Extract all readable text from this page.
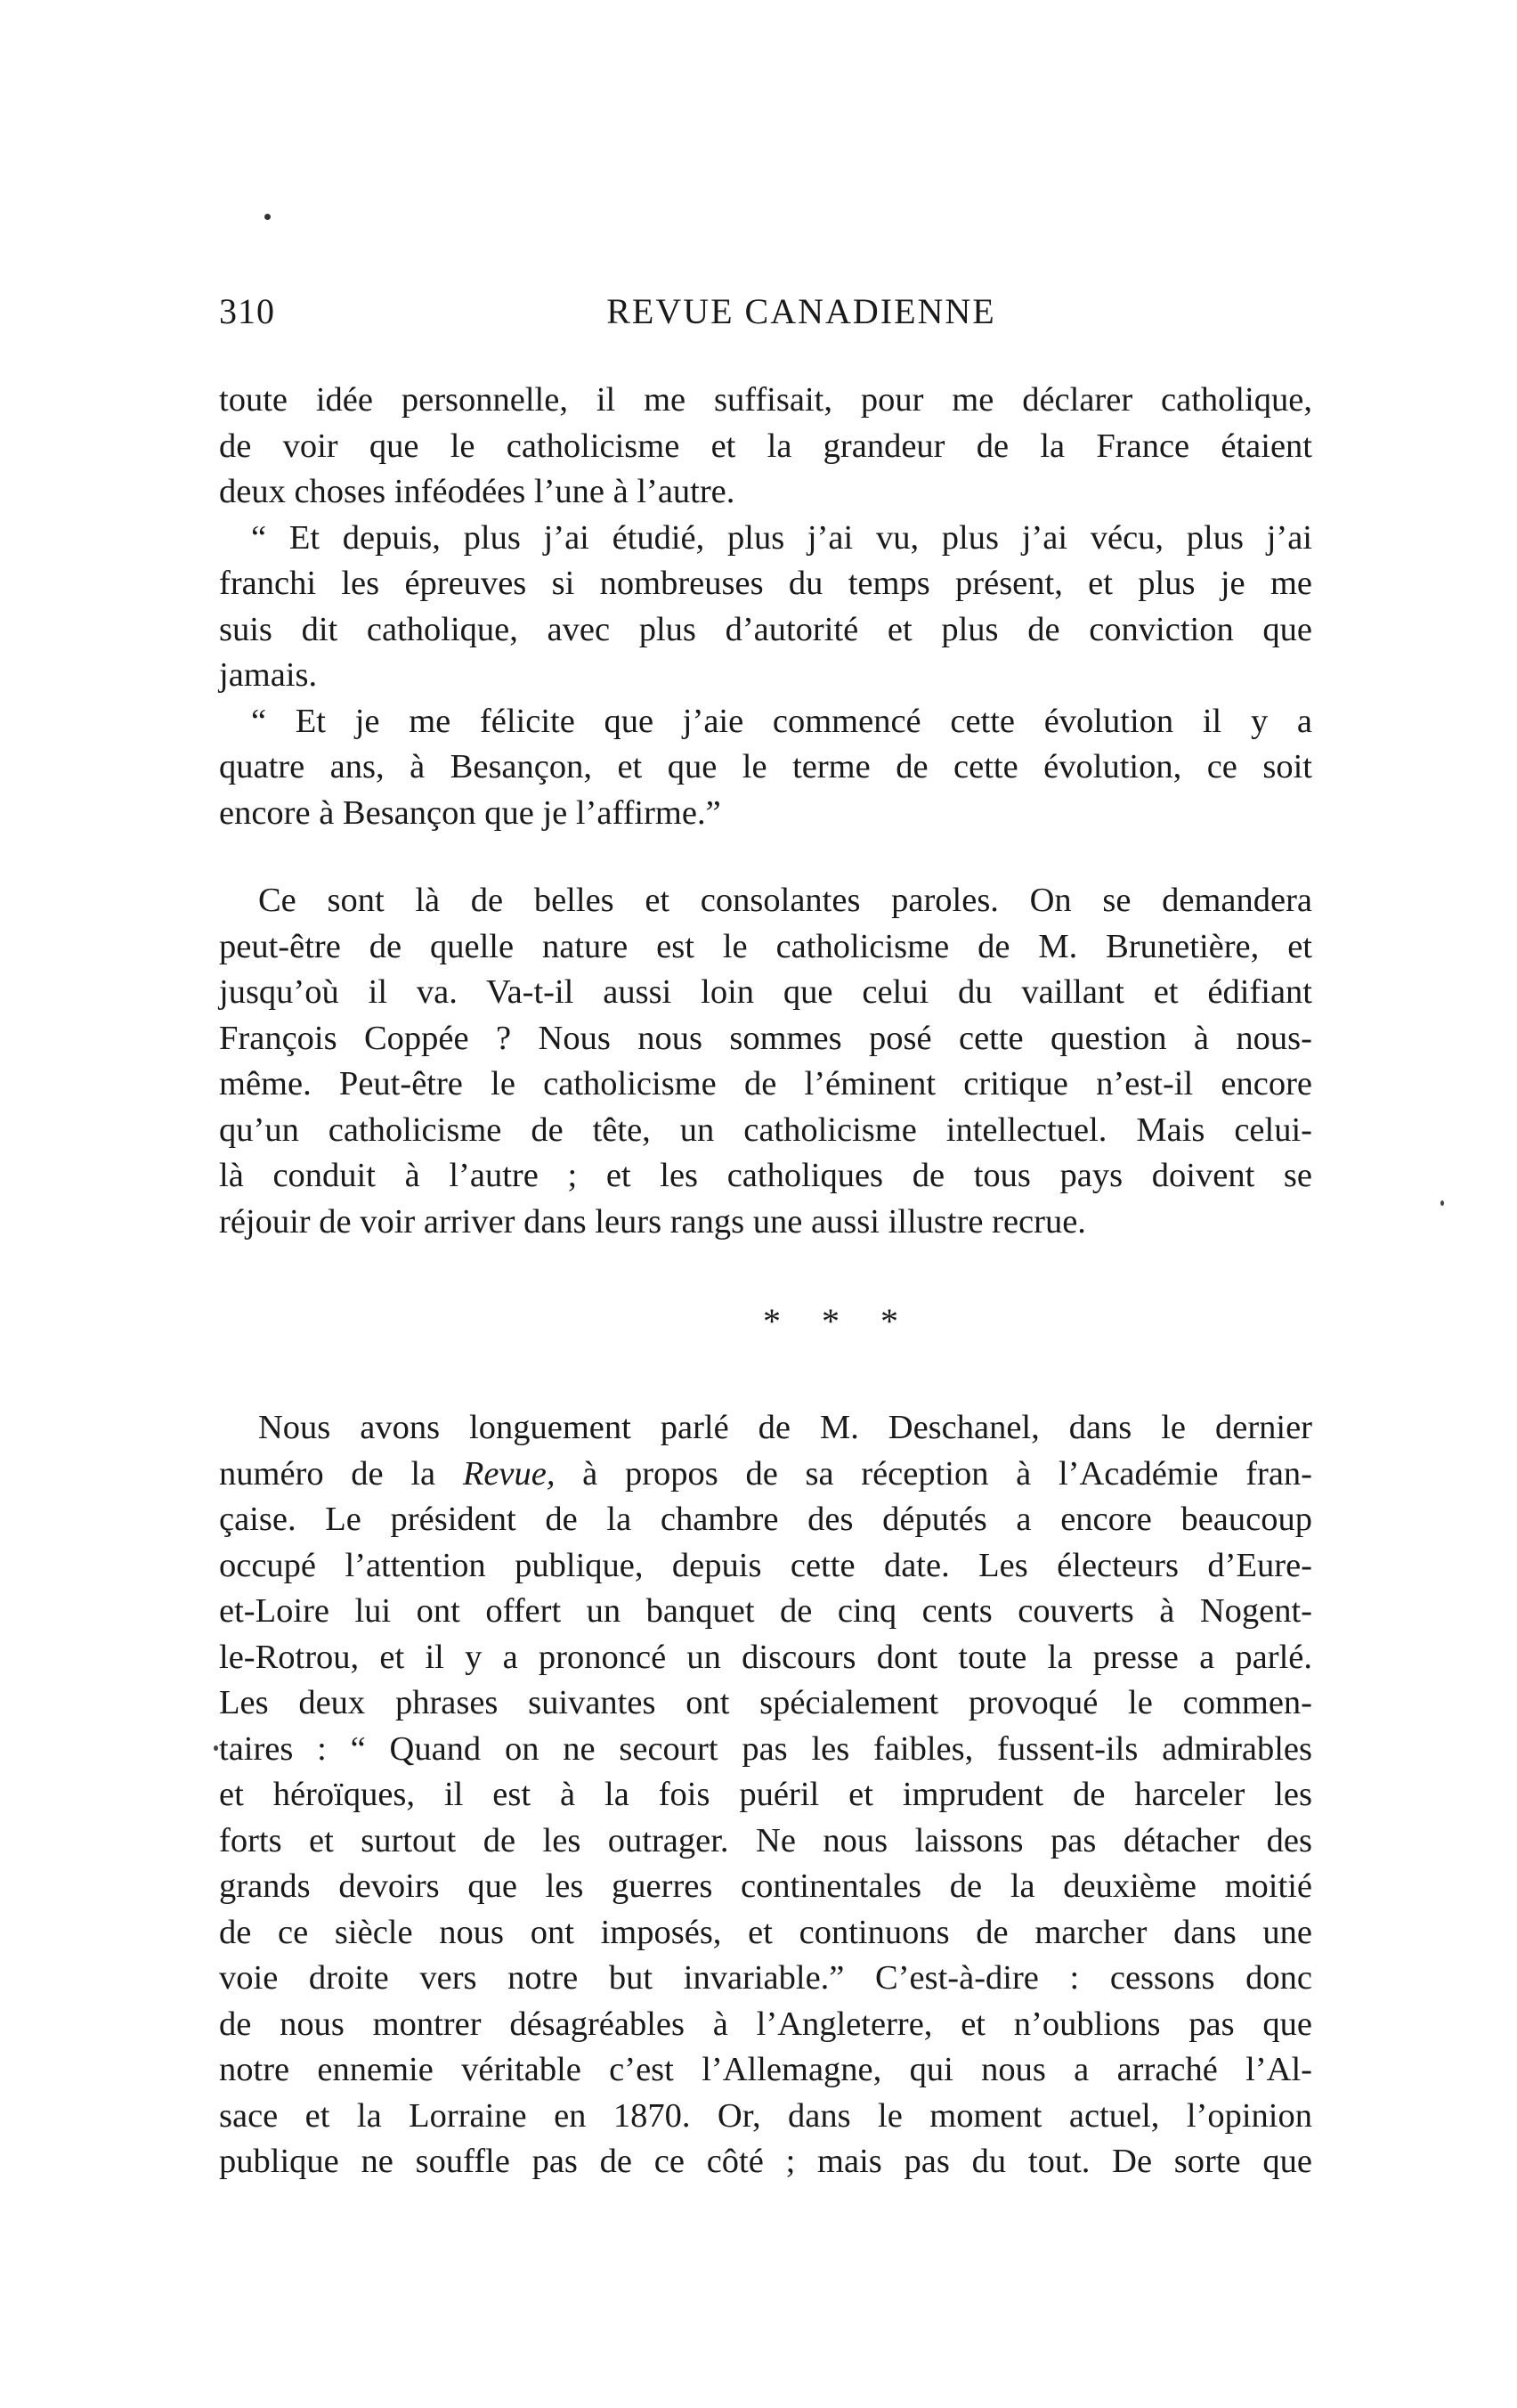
310	REVUE CANADIENNE
toute idée personnelle, il me suffisait, pour me déclarer catholique,
de voir que le catholicisme et la grandeur de la France étaient
deux choses inféodées l’une à l’autre.
“ Et depuis, plus j’ai étudié, plus j’ai vu, plus j’ai vécu, plus j’ai
franchi les épreuves si nombreuses du temps présent, et plus je me
suis dit catholique, avec plus d’autorité et plus de conviction que
jamais.
“ Et je me félicite que j’aie commencé cette évolution il y a
quatre ans, à Besançon, et que le terme de cette évolution, ce soit
encore à Besançon que je l’affirme.”
Ce sont là de belles et consolantes paroles. On se demandera
peut-être de quelle nature est le catholicisme de M. Brunetière, et
jusqu’où il va. Va-t-il aussi loin que celui du vaillant et édifiant
François Coppée ? Nous nous sommes posé cette question à nous-
même. Peut-être le catholicisme de l’éminent critique n’est-il encore
qu’un catholicisme de tête, un catholicisme intellectuel. Mais celui-
là conduit à l’autre ; et les catholiques de tous pays doivent se
réjouir de voir arriver dans leurs rangs une aussi illustre recrue.
* * *
Nous avons longuement parlé de M. Deschanel, dans le dernier
numéro de la Revue, à propos de sa réception à l’Académie fran-
çaise. Le président de la chambre des députés a encore beaucoup
occupé l’attention publique, depuis cette date. Les électeurs d’Eure-
et-Loire lui ont offert un banquet de cinq cents couverts à Nogent-
le-Rotrou, et il y a prononcé un discours dont toute la presse a parlé.
Les deux phrases suivantes ont spécialement provoqué le commen-
taires : “ Quand on ne secourt pas les faibles, fussent-ils admirables
et héroïques, il est à la fois puéril et imprudent de harceler les
forts et surtout de les outrager. Ne nous laissons pas détacher des
grands devoirs que les guerres continentales de la deuxième moitié
de ce siècle nous ont imposés, et continuons de marcher dans une
voie droite vers notre but invariable.” C’est-à-dire : cessons donc
de nous montrer désagréables à l’Angleterre, et n’oublions pas que
notre ennemie véritable c’est l’Allemagne, qui nous a arraché l’Al-
sace et la Lorraine en 1870. Or, dans le moment actuel, l’opinion
publique ne souffle pas de ce côté ; mais pas du tout. De sorte que
